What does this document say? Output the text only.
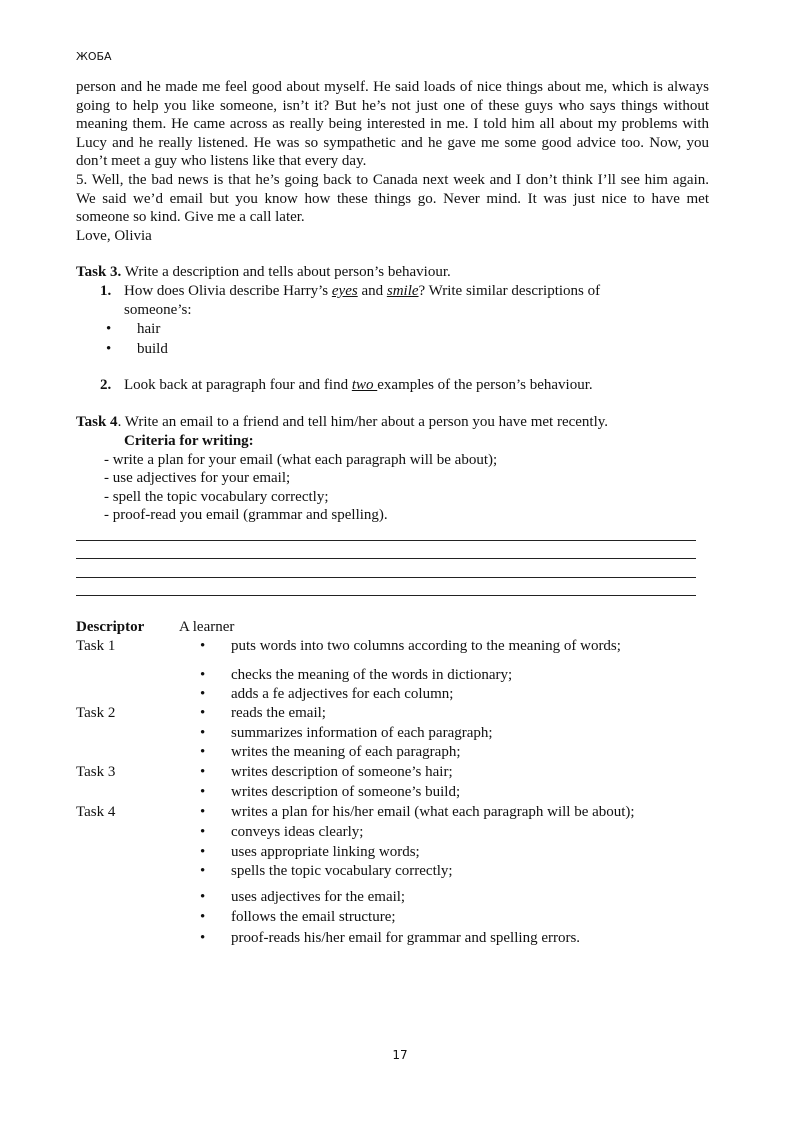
ЖОБА

person and he made me feel good about myself. He said loads of nice things about me, which is always going to help you like someone, isn’t it? But he’s not just one of these guys who says things without meaning them. He came across as really being interested in me. I told him all about my problems with Lucy and he really listened. He was so sympathetic and he gave me some good advice too. Now, you don’t meet a guy who listens like that every day.

5. Well, the bad news is that he’s going back to Canada next week and I don’t think I’ll see him again. We said we’d email but you know how these things go. Never mind. It was just nice to have met someone so kind. Give me a call later.

Love, Olivia

Task 3. Write a description and tells about person’s behaviour.
1. How does Olivia describe Harry’s eyes and smile? Write similar descriptions of
someone’s:
• hair
• build
2. Look back at paragraph four and find two examples of the person’s behaviour.
Task 4. Write an email to a friend and tell him/her about a person you have met recently.
Criteria for writing:
- write a plan for your email (what each paragraph will be about);
- use adjectives for your email;
- spell the topic vocabulary correctly;
- proof-read you email (grammar and spelling).
Descriptor A learner
Task 1
Task 2
Task 3
Task 4
• puts words into two columns according to the meaning of words;
• checks the meaning of the words in dictionary;
• adds a fe adjectives for each column;
• reads the email;
• summarizes information of each paragraph;
• writes the meaning of each paragraph;
• writes description of someone’s hair;
• writes description of someone’s build;
• writes a plan for his/her email (what each paragraph will be about);
• conveys ideas clearly;
• uses appropriate linking words;
• spells the topic vocabulary correctly;
• uses adjectives for the email;
• follows the email structure;
• proof-reads his/her email for grammar and spelling errors.
17
